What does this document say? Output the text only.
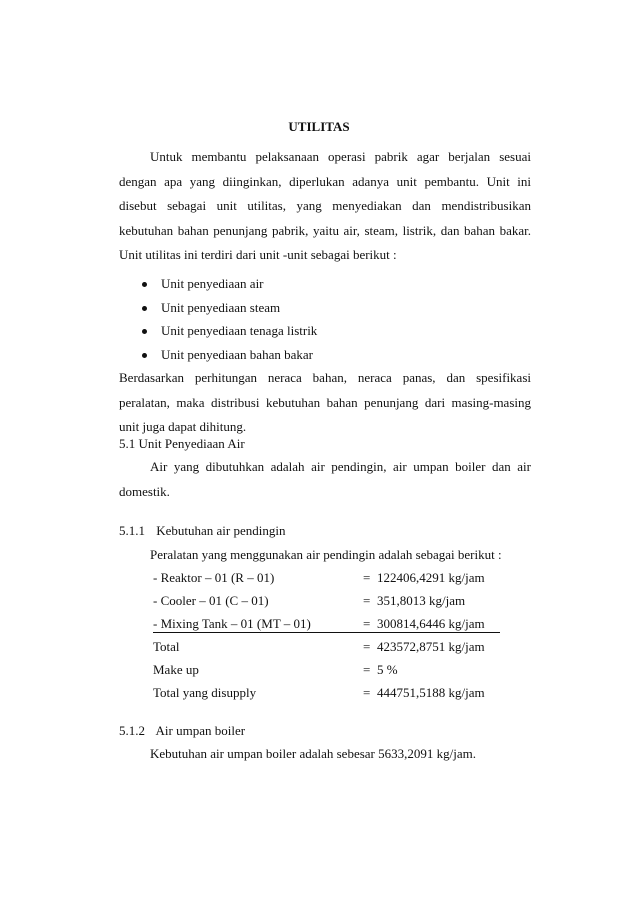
UTILITAS
Untuk membantu pelaksanaan operasi pabrik agar berjalan sesuai dengan apa yang diinginkan, diperlukan adanya unit pembantu. Unit ini disebut sebagai unit utilitas, yang menyediakan dan mendistribusikan kebutuhan bahan penunjang pabrik, yaitu air, steam, listrik, dan bahan bakar. Unit utilitas ini terdiri dari unit -unit sebagai berikut :
Unit penyediaan air
Unit penyediaan steam
Unit penyediaan tenaga listrik
Unit penyediaan bahan bakar
Berdasarkan perhitungan neraca bahan, neraca panas, dan spesifikasi peralatan, maka distribusi kebutuhan bahan penunjang dari masing-masing unit juga dapat dihitung.
5.1 Unit Penyediaan Air
Air yang dibutuhkan adalah air pendingin, air umpan boiler dan air domestik.
5.1.1 Kebutuhan air pendingin
Peralatan yang menggunakan air pendingin adalah sebagai berikut :
- Reaktor – 01 (R – 01)	= 122406,4291 kg/jam
- Cooler – 01 (C – 01)	= 351,8013 kg/jam
- Mixing Tank – 01 (MT – 01)	= 300814,6446 kg/jam
Total	= 423572,8751 kg/jam
Make up	= 5 %
Total yang disupply	= 444751,5188 kg/jam
5.1.2 Air umpan boiler
Kebutuhan air umpan boiler adalah sebesar 5633,2091 kg/jam.
